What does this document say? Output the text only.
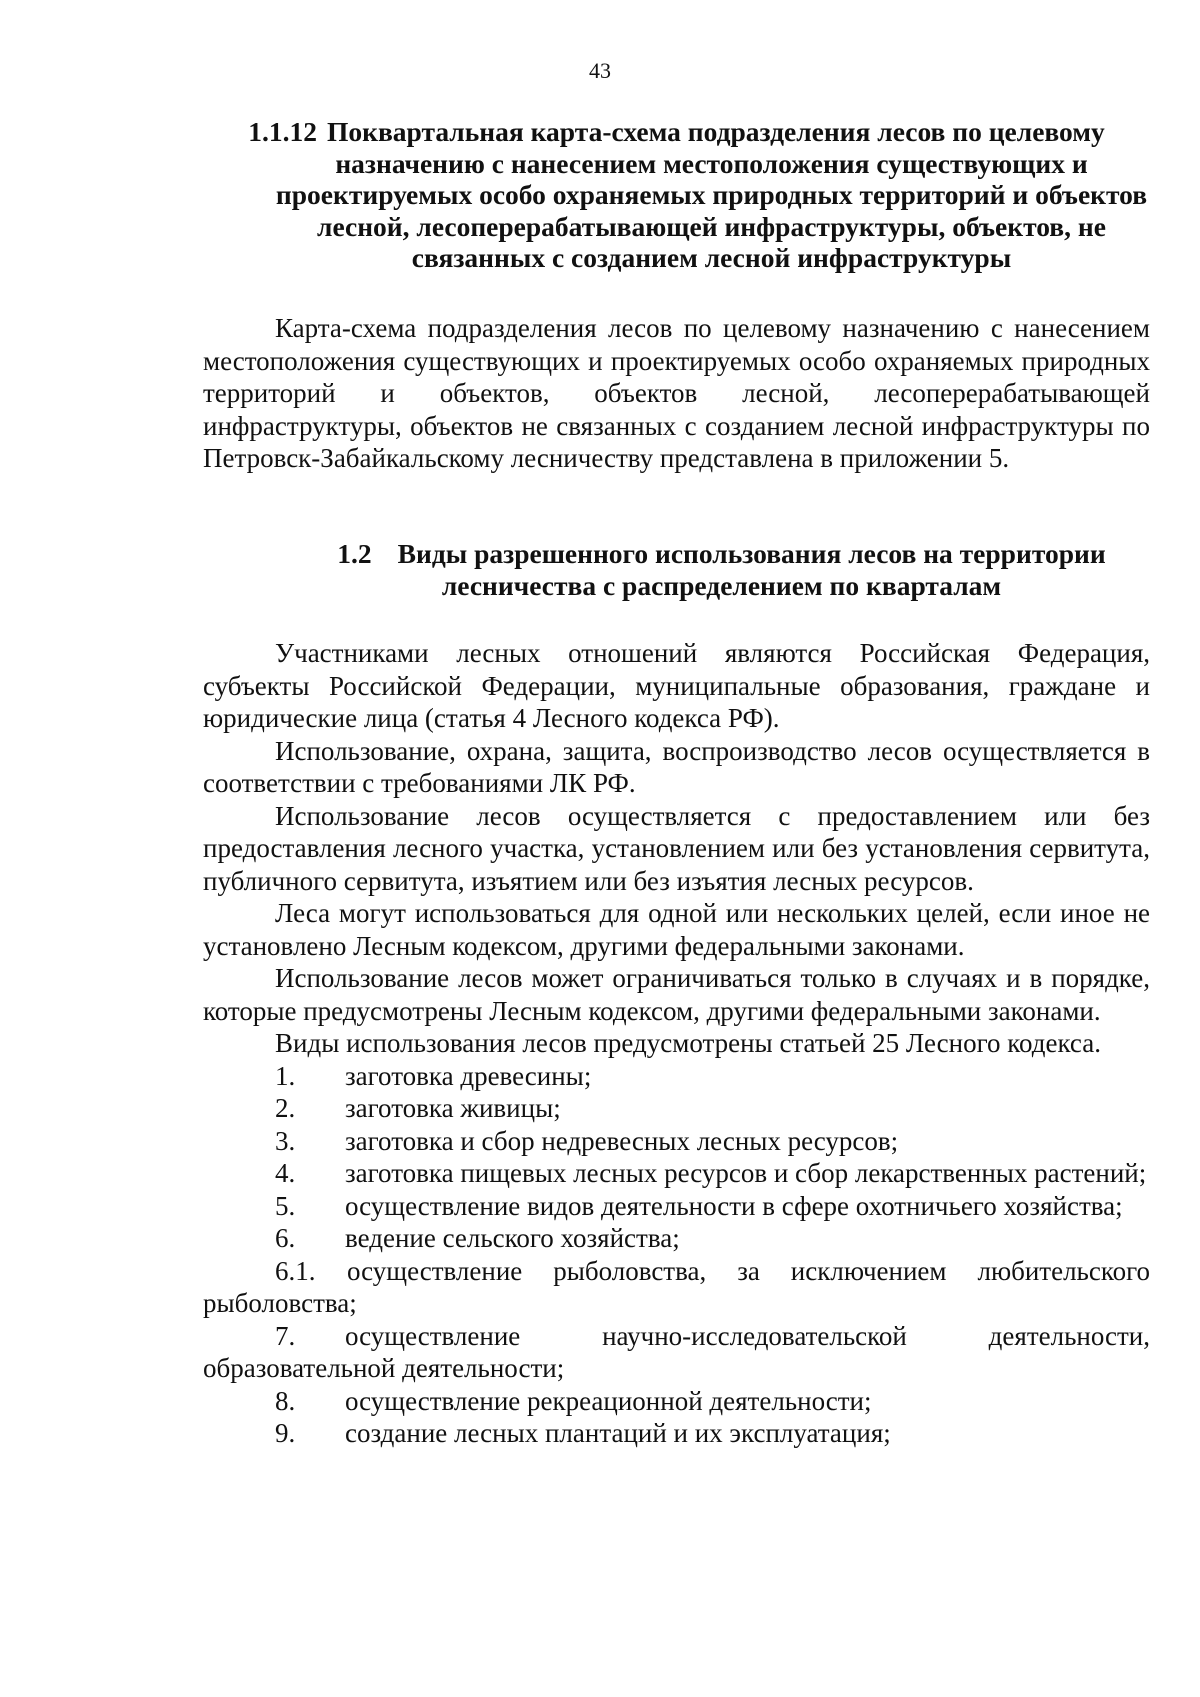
43
1.1.12 Поквартальная карта-схема подразделения лесов по целевому
назначению с нанесением местоположения существующих и
проектируемых особо охраняемых природных территорий и объектов
лесной, лесоперерабатывающей инфраструктуры, объектов, не
связанных с созданием лесной инфраструктуры

Карта-схема подразделения лесов по целевому назначению с нанесением местоположения существующих и проектируемых особо охраняемых природных территорий и объектов, объектов лесной, лесоперерабатывающей инфраструктуры, объектов не связанных с созданием лесной инфраструктуры по Петровск-Забайкальскому лесничеству представлена в приложении 5.

1.2 Виды разрешенного использования лесов на территории
лесничества с распределением по кварталам

Участниками лесных отношений являются Российская Федерация, субъекты Российской Федерации, муниципальные образования, граждане и юридические лица (статья 4 Лесного кодекса РФ).

Использование, охрана, защита, воспроизводство лесов осуществляется в соответствии с требованиями ЛК РФ.

Использование лесов осуществляется с предоставлением или без предоставления лесного участка, установлением или без установления сервитута, публичного сервитута, изъятием или без изъятия лесных ресурсов.

Леса могут использоваться для одной или нескольких целей, если иное не установлено Лесным кодексом, другими федеральными законами.

Использование лесов может ограничиваться только в случаях и в порядке, которые предусмотрены Лесным кодексом, другими федеральными законами.

Виды использования лесов предусмотрены статьей 25 Лесного кодекса.

1. заготовка древесины;

2. заготовка живицы;

3. заготовка и сбор недревесных лесных ресурсов;

4. заготовка пищевых лесных ресурсов и сбор лекарственных растений;

5. осуществление видов деятельности в сфере охотничьего хозяйства;

6. ведение сельского хозяйства;

6.1. осуществление рыболовства, за исключением любительского рыболовства;

7. осуществление научно-исследовательской деятельности, образовательной деятельности;

8. осуществление рекреационной деятельности;

9. создание лесных плантаций и их эксплуатация;
